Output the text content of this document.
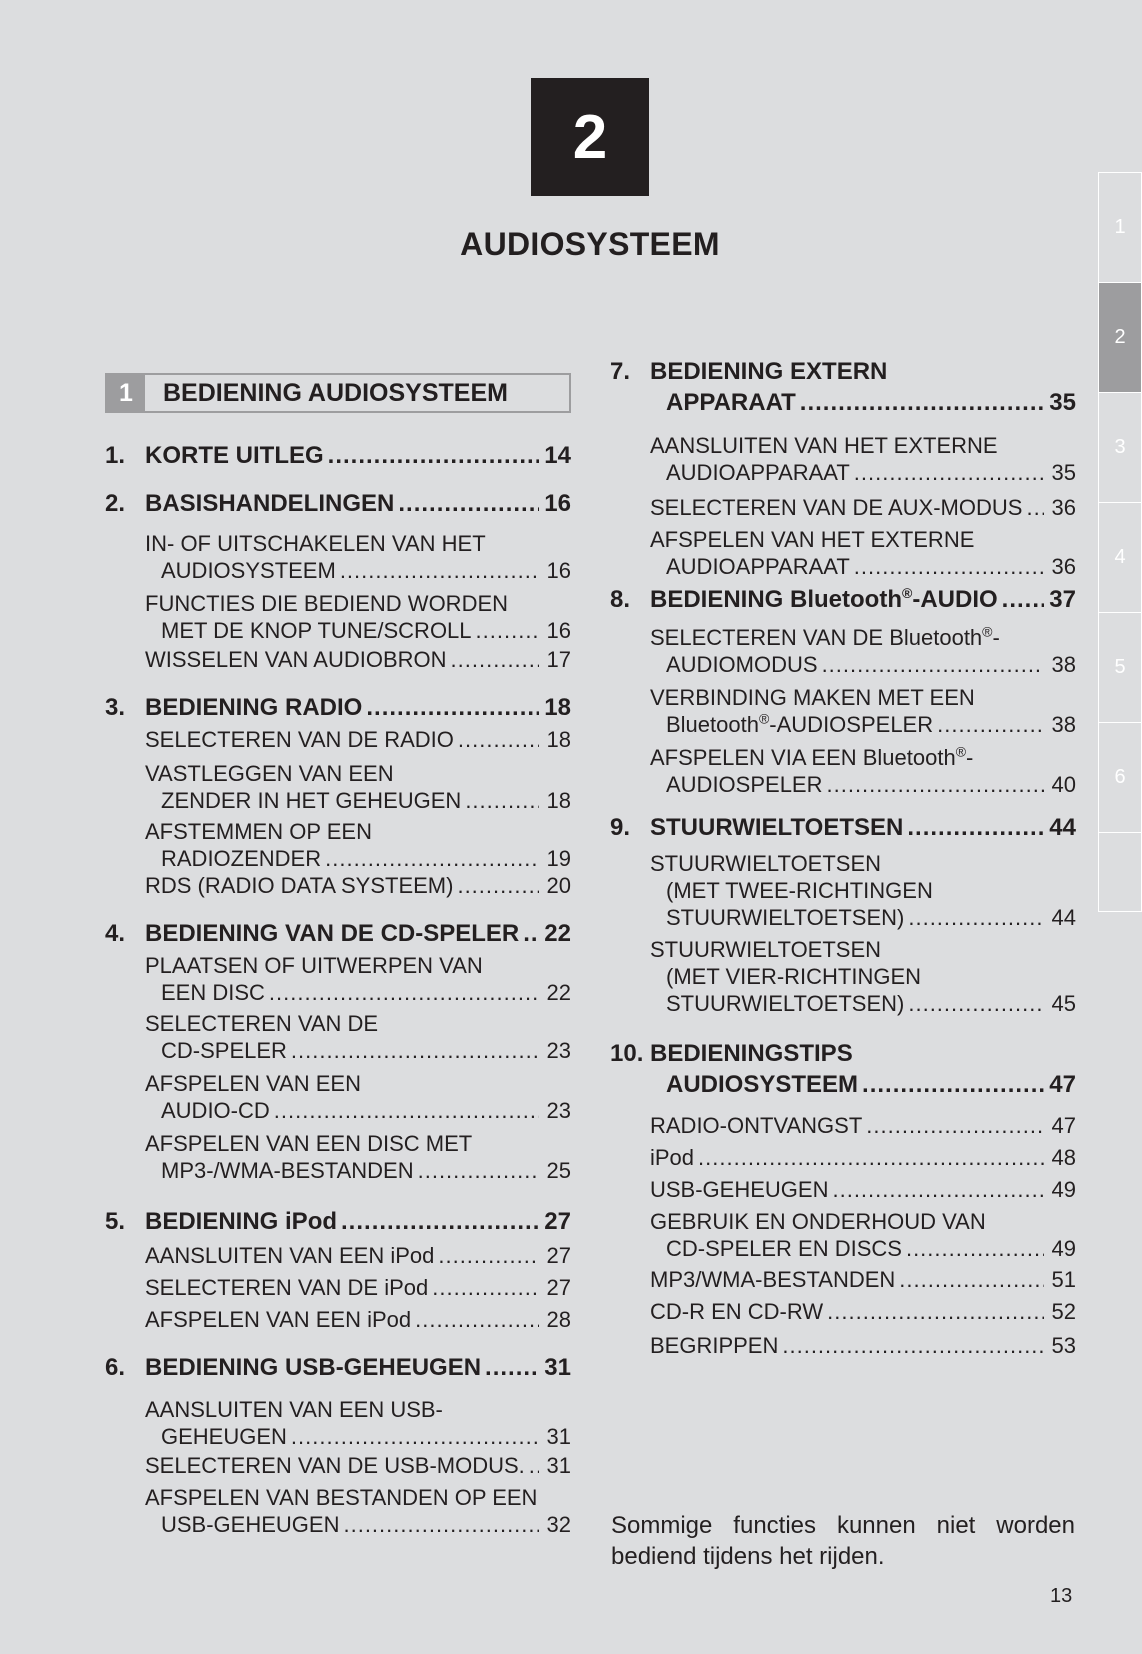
2
AUDIOSYSTEEM
1	BEDIENING AUDIOSYSTEEM
1. KORTE UITLEG .....	14
2. BASISHANDELINGEN .....	16
IN- OF UITSCHAKELEN VAN HET
AUDIOSYSTEEM .....	16
FUNCTIES DIE BEDIEND WORDEN
MET DE KNOP TUNE/SCROLL .....	16
WISSELEN VAN AUDIOBRON .....	17
3. BEDIENING RADIO .....	18
SELECTEREN VAN DE RADIO .....	18
VASTLEGGEN VAN EEN
ZENDER IN HET GEHEUGEN .....	18
AFSTEMMEN OP EEN
RADIOZENDER .....	19
RDS (RADIO DATA SYSTEEM) .....	20
4. BEDIENING VAN DE CD-SPELER ..... 22
PLAATSEN OF UITWERPEN VAN
EEN DISC .....	22
SELECTEREN VAN DE
CD-SPELER .....	23
AFSPELEN VAN EEN
AUDIO-CD .....	23
AFSPELEN VAN EEN DISC MET
MP3-/WMA-BESTANDEN .....	25
5. BEDIENING iPod .....	27
AANSLUITEN VAN EEN iPod .....	27
SELECTEREN VAN DE iPod .....	27
AFSPELEN VAN EEN iPod .....	28
6. BEDIENING USB-GEHEUGEN .....	31
AANSLUITEN VAN EEN USB-
GEHEUGEN .....	31
SELECTEREN VAN DE USB-MODUS. ..... 31
AFSPELEN VAN BESTANDEN OP EEN
USB-GEHEUGEN .....	32
7. BEDIENING EXTERN
APPARAAT .....	35
AANSLUITEN VAN HET EXTERNE
AUDIOAPPARAAT .....	35
SELECTEREN VAN DE AUX-MODUS ..... 36
AFSPELEN VAN HET EXTERNE
AUDIOAPPARAAT .....	36
8. BEDIENING Bluetooth®-AUDIO ..... 37
SELECTEREN VAN DE Bluetooth®-
AUDIOMODUS .....	38
VERBINDING MAKEN MET EEN
Bluetooth®-AUDIOSPELER .....	38
AFSPELEN VIA EEN Bluetooth®-
AUDIOSPELER .....	40
9. STUURWIELTOETSEN .....	44
STUURWIELTOETSEN
(MET TWEE-RICHTINGEN
STUURWIELTOETSEN) .....	44
STUURWIELTOETSEN
(MET VIER-RICHTINGEN
STUURWIELTOETSEN) .....	45
10. BEDIENINGSTIPS
AUDIOSYSTEEM .....	47
RADIO-ONTVANGST .....	47
iPod .....	48
USB-GEHEUGEN .....	49
GEBRUIK EN ONDERHOUD VAN
CD-SPELER EN DISCS .....	49
MP3/WMA-BESTANDEN .....	51
CD-R EN CD-RW .....	52
BEGRIPPEN .....	53
1
2
3
4
5
6
Sommige functies kunnen niet worden bediend tijdens het rijden.
13
